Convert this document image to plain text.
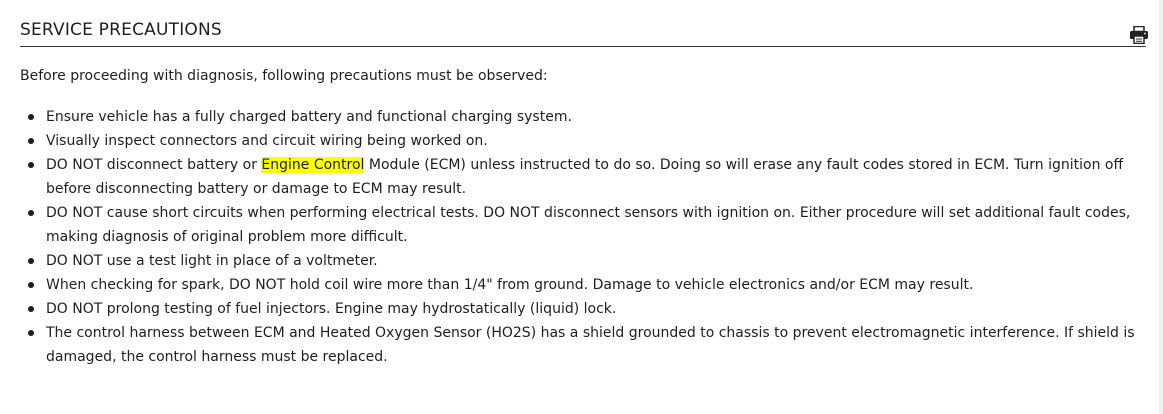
SERVICE PRECAUTIONS

Before proceeding with diagnosis, following precautions must be observed:

Ensure vehicle has a fully charged battery and functional charging system.
Visually inspect connectors and circuit wiring being worked on.
DO NOT disconnect battery or Engine Control Module (ECM) unless instructed to do so. Doing so will erase any fault codes stored in ECM. Turn ignition off before disconnecting battery or damage to ECM may result.
DO NOT cause short circuits when performing electrical tests. DO NOT disconnect sensors with ignition on. Either procedure will set additional fault codes, making diagnosis of original problem more difficult.
DO NOT use a test light in place of a voltmeter.
When checking for spark, DO NOT hold coil wire more than 1/4" from ground. Damage to vehicle electronics and/or ECM may result.
DO NOT prolong testing of fuel injectors. Engine may hydrostatically (liquid) lock.
The control harness between ECM and Heated Oxygen Sensor (HO2S) has a shield grounded to chassis to prevent electromagnetic interference. If shield is damaged, the control harness must be replaced.
